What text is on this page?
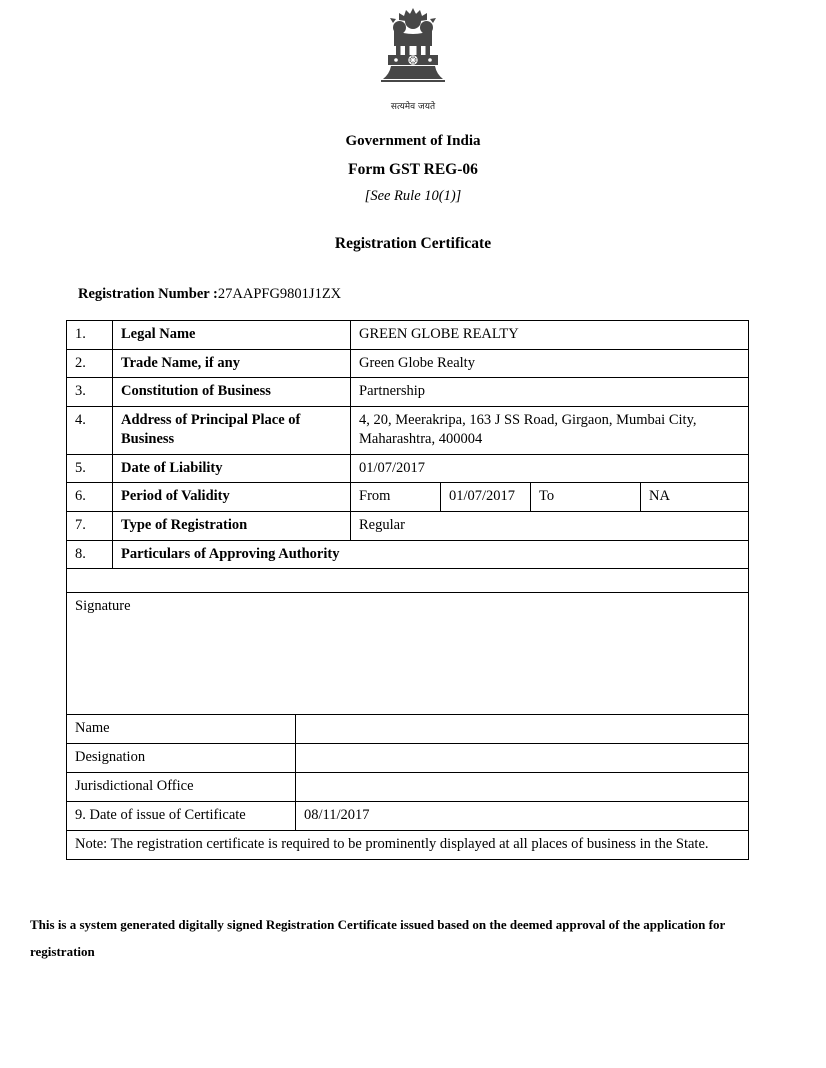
सत्यमेव जयते
Government of India
Form GST REG-06
[See Rule 10(1)]
Registration Certificate
Registration Number :27AAPFG9801J1ZX
1.	Legal Name	GREEN GLOBE REALTY			
2.	Trade Name, if any	Green Globe Realty			
3.	Constitution of Business	Partnership			
4.	Address of Principal Place of Business	4, 20, Meerakripa, 163 J SS Road, Girgaon, Mumbai City, Maharashtra, 400004			
5.	Date of Liability	01/07/2017			
6.	Period of Validity	From	01/07/2017	To	NA
7.	Type of Registration	Regular			
8.	Particulars of Approving Authority				

Signature					
Name	
Designation	
Jurisdictional Office	
9. Date of issue of Certificate	08/11/2017
Note: The registration certificate is required to be prominently displayed at all places of business in the State.	
This is a system generated digitally signed Registration Certificate issued based on the deemed approval of the application for registration
